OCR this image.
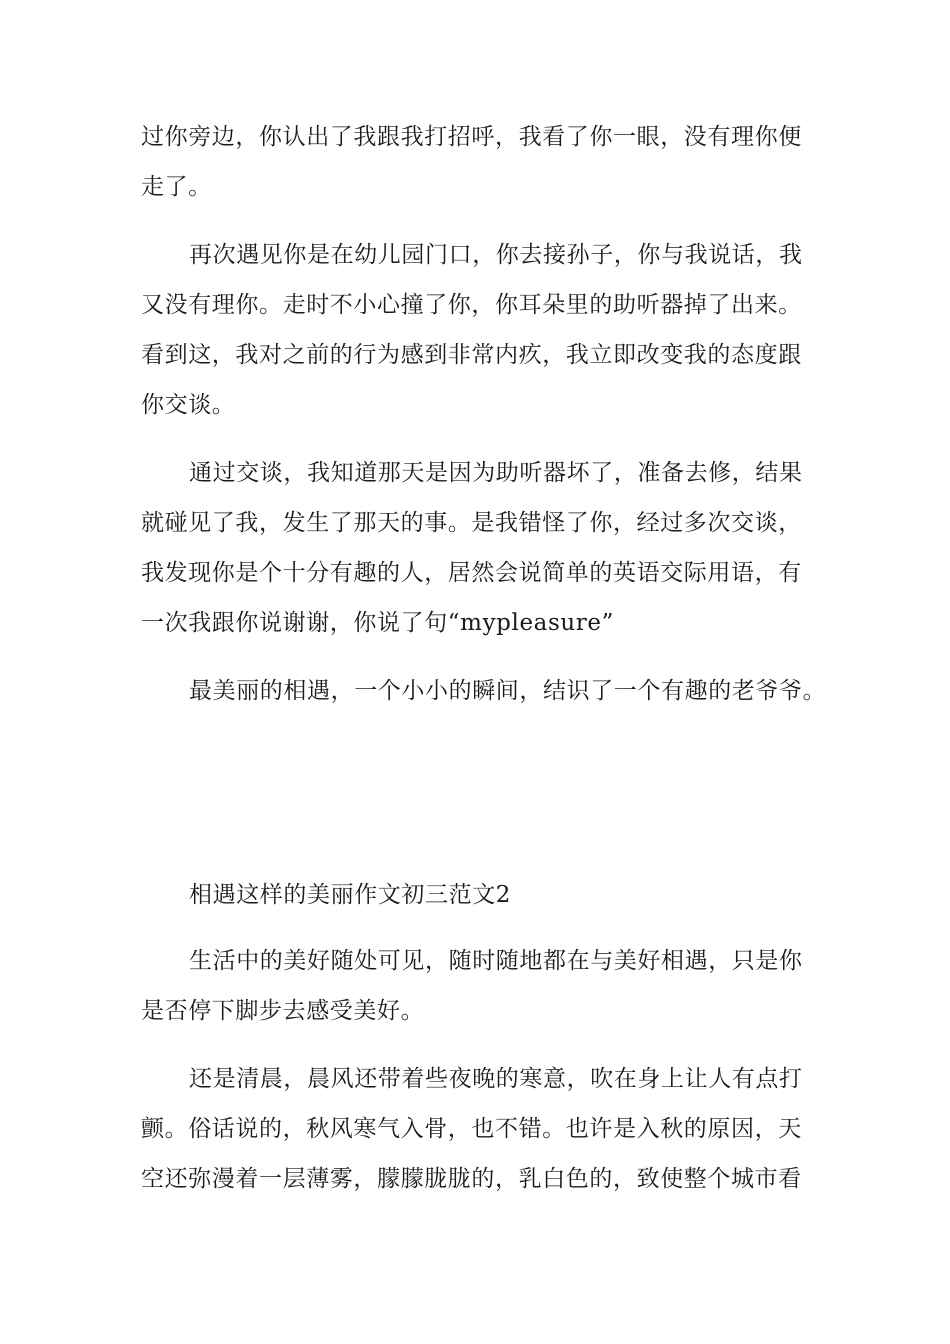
过你旁边，你认出了我跟我打招呼，我看了你一眼，没有理你便
走了。
再次遇见你是在幼儿园门口，你去接孙子，你与我说话，我
又没有理你。走时不小心撞了你，你耳朵里的助听器掉了出来。
看到这，我对之前的行为感到非常内疚，我立即改变我的态度跟
你交谈。
通过交谈，我知道那天是因为助听器坏了，准备去修，结果
就碰见了我，发生了那天的事。是我错怪了你，经过多次交谈，
我发现你是个十分有趣的人，居然会说简单的英语交际用语，有
一次我跟你说谢谢，你说了句“mypleasure”
最美丽的相遇，一个小小的瞬间，结识了一个有趣的老爷爷。
相遇这样的美丽作文初三范文2
生活中的美好随处可见，随时随地都在与美好相遇，只是你
是否停下脚步去感受美好。
还是清晨，晨风还带着些夜晚的寒意，吹在身上让人有点打
颤。俗话说的，秋风寒气入骨，也不错。也许是入秋的原因，天
空还弥漫着一层薄雾，朦朦胧胧的，乳白色的，致使整个城市看
